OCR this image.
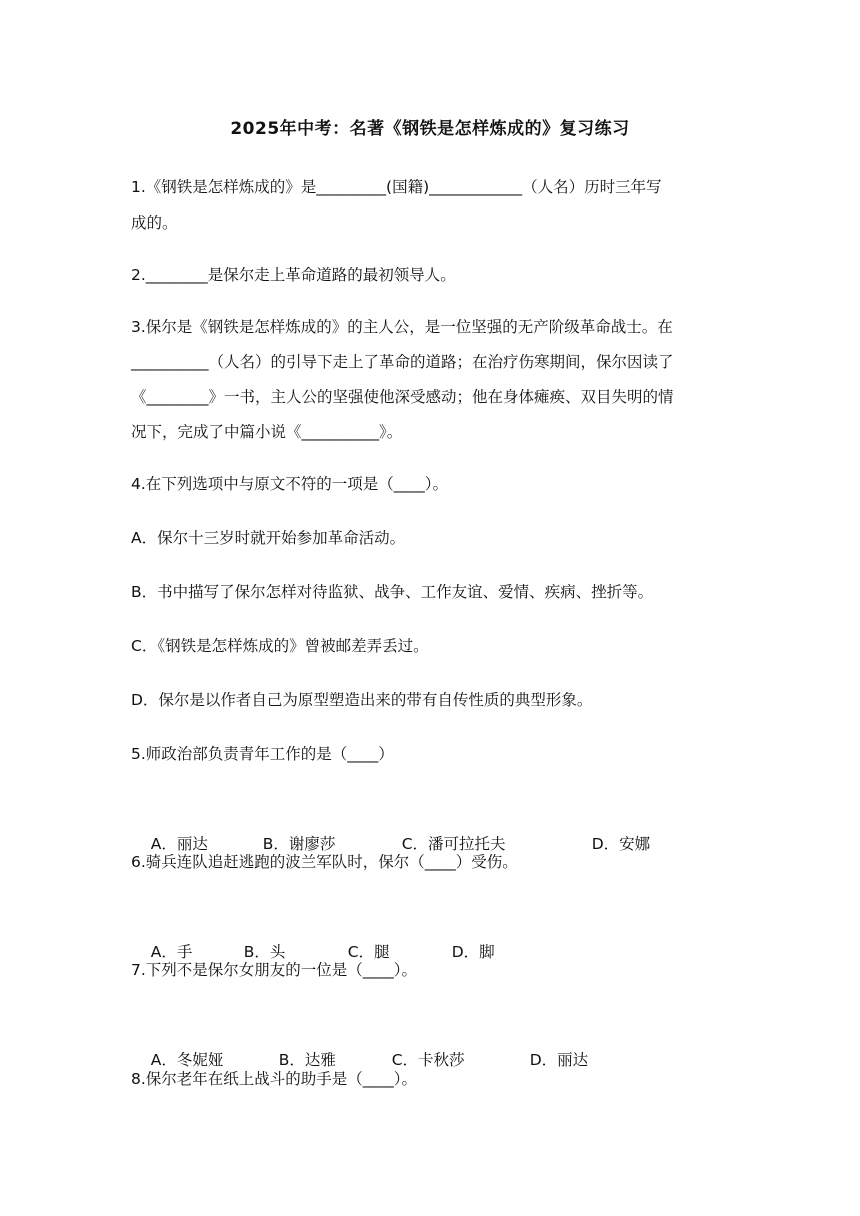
2025年中考：名著《钢铁是怎样炼成的》复习练习
1.《钢铁是怎样炼成的》是_________(国籍)____________（人名）历时三年写
成的。
2.________是保尔走上革命道路的最初领导人。
3.保尔是《钢铁是怎样炼成的》的主人公，是一位坚强的无产阶级革命战士。在
__________（人名）的引导下走上了革命的道路；在治疗伤寒期间，保尔因读了
《________》一书，主人公的坚强使他深受感动；他在身体瘫痪、双目失明的情
况下，完成了中篇小说《__________》。
4.在下列选项中与原文不符的一项是（____）。
A．保尔十三岁时就开始参加革命活动。
B．书中描写了保尔怎样对待监狱、战争、工作友谊、爱情、疾病、挫折等。
C．《钢铁是怎样炼成的》曾被邮差弄丢过。
D．保尔是以作者自己为原型塑造出来的带有自传性质的典型形象。
5.师政治部负责青年工作的是（____）

A．丽达	B．谢廖莎	C．潘可拉托夫	D．安娜

6.骑兵连队追赶逃跑的波兰军队时，保尔（____）受伤。

A．手	B．头	C．腿	D．脚

7.下列不是保尔女朋友的一位是（____）。

A．冬妮娅	B．达雅	C．卡秋莎	D．丽达

8.保尔老年在纸上战斗的助手是（____）。
